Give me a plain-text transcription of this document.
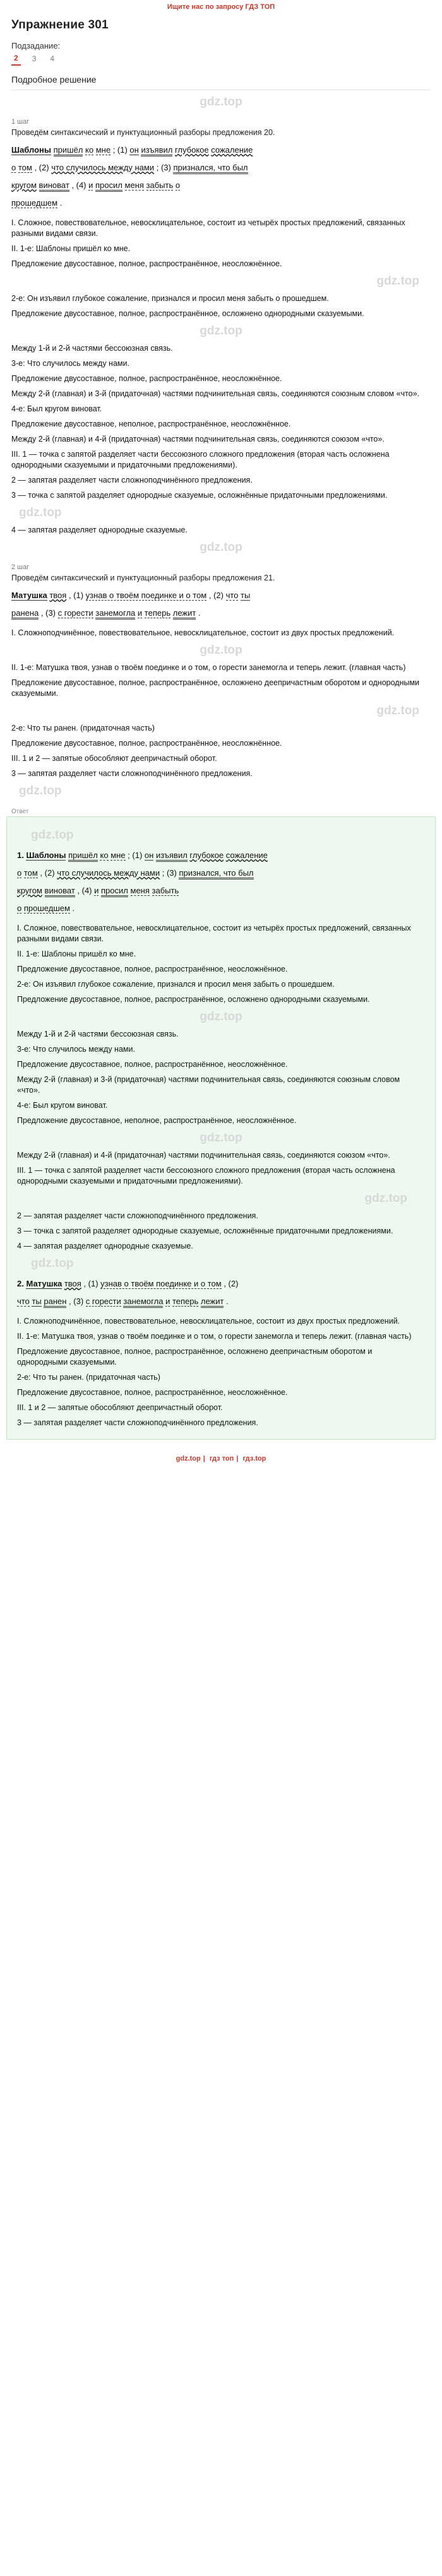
Ищите нас по запросу ГДЗ ТОП
Упражнение 301
Подзадание:
2	3	4
Подробное решение
gdz.top
1 шаг
Проведём синтаксический и пунктуационный разборы предложения 20.
Шаблоны пришёл ко мне ; (1) он изъявил глубокое сожаление
о том , (2) что случилось между нами ; (3) признался, что был
кругом виноват , (4) и просил меня забыть о
прошедшем .

I. Сложное, повествовательное, невосклицательное, состоит из четырёх простых предложений, связанных разными видами связи.

II. 1-е: Шаблоны пришёл ко мне.

Предложение двусоставное, полное, распространённое, неосложнённое.

gdz.top

2-е: Он изъявил глубокое сожаление, признался и просил меня забыть о прошедшем.

Предложение двусоставное, полное, распространённое, осложнено однородными сказуемыми.

gdz.top

Между 1-й и 2-й частями бессоюзная связь.

3-е: Что случилось между нами.

Предложение двусоставное, полное, распространённое, неосложнённое.

Между 2-й (главная) и 3-й (придаточная) частями подчинительная связь, соединяются союзным словом «что».

4-е: Был кругом виноват.

Предложение двусоставное, неполное, распространённое, неосложнённое.

Между 2-й (главная) и 4-й (придаточная) частями подчинительная связь, соединяются союзом «что».

III. 1 — точка с запятой разделяет части бессоюзного сложного предложения (вторая часть осложнена однородными сказуемыми и придаточными предложениями).

2 — запятая разделяет части сложноподчинённого предложения.

3 — точка с запятой разделяет однородные сказуемые, осложнённые придаточными предложениями.

gdz.top

4 — запятая разделяет однородные сказуемые.

gdz.top
2 шаг
Проведём синтаксический и пунктуационный разборы предложения 21.
Матушка твоя , (1) узнав о твоём поединке и о том , (2) что ты
ранена , (3) с горести занемогла и теперь лежит .

I. Сложноподчинённое, повествовательное, невосклицательное, состоит из двух простых предложений.

gdz.top

II. 1-е: Матушка твоя, узнав о твоём поединке и о том, о горести занемогла и теперь лежит. (главная часть)

Предложение двусоставное, полное, распространённое, осложнено деепричастным оборотом и однородными сказуемыми.

gdz.top

2-е: Что ты ранен. (придаточная часть)

Предложение двусоставное, полное, распространённое, неосложнённое.

III. 1 и 2 — запятые обособляют деепричастный оборот.

3 — запятая разделяет части сложноподчинённого предложения.

gdz.top
Ответ
gdz.top
1. Шаблоны пришёл ко мне ; (1) он изъявил глубокое сожаление
о том , (2) что случилось между нами ; (3) признался, что был
кругом виноват , (4) и просил меня забыть
о прошедшем .

I. Сложное, повествовательное, невосклицательное, состоит из четырёх простых предложений, связанных разными видами связи.

II. 1-е: Шаблоны пришёл ко мне.

Предложение двусоставное, полное, распространённое, неосложнённое.

2-е: Он изъявил глубокое сожаление, признался и просил меня забыть о прошедшем.

Предложение двусоставное, полное, распространённое, осложнено однородными сказуемыми.

gdz.top

Между 1-й и 2-й частями бессоюзная связь.

3-е: Что случилось между нами.

Предложение двусоставное, полное, распространённое, неосложнённое.

Между 2-й (главная) и 3-й (придаточная) частями подчинительная связь, соединяются союзным словом «что».

4-е: Был кругом виноват.

Предложение двусоставное, неполное, распространённое, неосложнённое.

gdz.top

Между 2-й (главная) и 4-й (придаточная) частями подчинительная связь, соединяются союзом «что».

III. 1 — точка с запятой разделяет части бессоюзного сложного предложения (вторая часть осложнена однородными сказуемыми и придаточными предложениями).

gdz.top

2 — запятая разделяет части сложноподчинённого предложения.

3 — точка с запятой разделяет однородные сказуемые, осложнённые придаточными предложениями.

4 — запятая разделяет однородные сказуемые.

gdz.top
2. Матушка твоя , (1) узнав о твоём поединке и о том , (2)
что ты ранен , (3) с горести занемогла и теперь лежит .

I. Сложноподчинённое, повествовательное, невосклицательное, состоит из двух простых предложений.

II. 1-е: Матушка твоя, узнав о твоём поединке и о том, о горести занемогла и теперь лежит. (главная часть)

Предложение двусоставное, полное, распространённое, осложнено деепричастным оборотом и однородными сказуемыми.

2-е: Что ты ранен. (придаточная часть)

Предложение двусоставное, полное, распространённое, неосложнённое.

III. 1 и 2 — запятые обособляют деепричастный оборот.

3 — запятая разделяет части сложноподчинённого предложения.

gdz.top | гдз топ | гдз.top
